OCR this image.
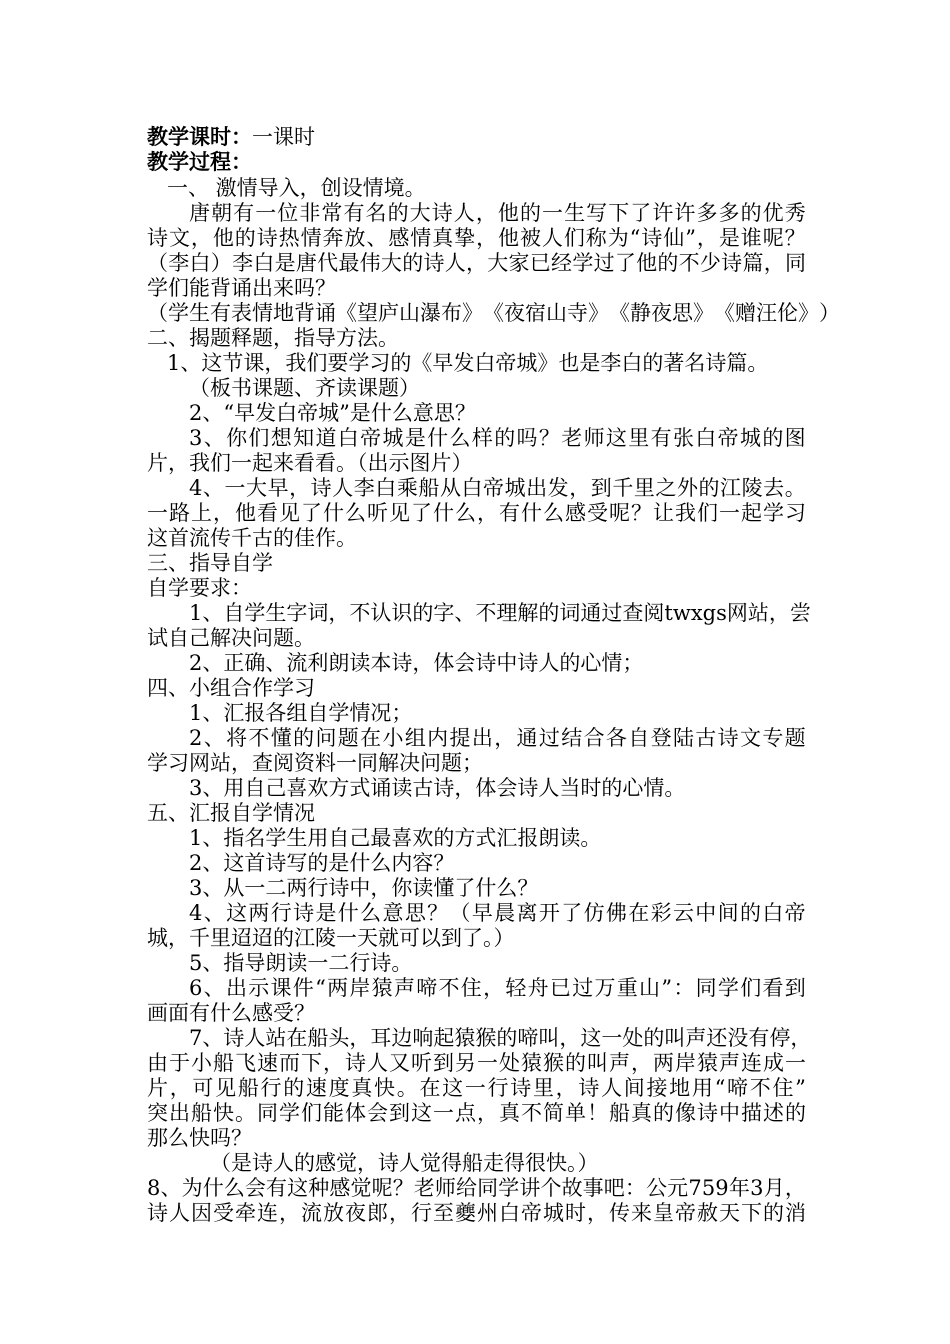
教学课时： 一课时
教学过程：
一、 激情导入，创设情境。
唐 朝 有 一 位 非 常 有 名 的 大 诗 人 ， 他 的 一 生 写 下 了 许 许 多 多 的 优 秀
诗 文 ， 他 的 诗 热 情 奔 放 、 感 情 真 挚 ， 他 被 人 们 称 为 “ 诗 仙 ” ， 是 谁 呢 ？
（ 李 白 ） 李 白 是 唐 代 最 伟 大 的 诗 人 ， 大 家 已 经 学 过 了 他 的 不 少 诗 篇 ， 同
学们能背诵出来吗？
（ 学 生 有 表 情 地 背 诵 《 望 庐 山 瀑 布 》 《 夜 宿 山 寺 》 《 静 夜 思 》 《 赠 汪 伦 》 ）
二、揭题释题，指导方法。
1、这节课，我们要学习的《早发白帝城》也是李白的著名诗篇。
（板书课题、齐读课题）
2、“早发白帝城”是什么意思？
3 、 你 们 想 知 道 白 帝 城 是 什 么 样 的 吗 ？ 老 师 这 里 有 张 白 帝 城 的 图
片，我们一起来看看。（出示图片）
4 、 一 大 早 ， 诗 人 李 白 乘 船 从 白 帝 城 出 发 ， 到 千 里 之 外 的 江 陵 去 。
一 路 上 ， 他 看 见 了 什 么 听 见 了 什 么 ， 有 什 么 感 受 呢 ？ 让 我 们 一 起 学 习
这首流传千古的佳作。
三、指导自学
自学要求：
1 、 自 学 生 字 词 ， 不 认 识 的 字 、 不 理 解 的 词 通 过 查 阅 t w x g s 网 站 ， 尝
试自己解决问题。
2、正确、流利朗读本诗，体会诗中诗人的心情；
四、小组合作学习
1、汇报各组自学情况；
2 、 将 不 懂 的 问 题 在 小 组 内 提 出 ， 通 过 结 合 各 自 登 陆 古 诗 文 专 题
学习网站，查阅资料一同解决问题；
3、用自己喜欢方式诵读古诗，体会诗人当时的心情。
五、汇报自学情况
1、指名学生用自己最喜欢的方式汇报朗读。
2、这首诗写的是什么内容？
3、从一二两行诗中，你读懂了什么？
4 、 这 两 行 诗 是 什 么 意 思 ？ （ 早 晨 离 开 了 仿 佛 在 彩 云 中 间 的 白 帝
城，千里迢迢的江陵一天就可以到了。）
5、指导朗读一二行诗。
6 、 出 示 课 件 “ 两 岸 猿 声 啼 不 住 ， 轻 舟 已 过 万 重 山 ” ： 同 学 们 看 到
画面有什么感受？
7 、 诗 人 站 在 船 头 ， 耳 边 响 起 猿 猴 的 啼 叫 ， 这 一 处 的 叫 声 还 没 有 停 ，
由 于 小 船 飞 速 而 下 ， 诗 人 又 听 到 另 一 处 猿 猴 的 叫 声 ， 两 岸 猿 声 连 成 一
片 ， 可 见 船 行 的 速 度 真 快 。 在 这 一 行 诗 里 ， 诗 人 间 接 地 用 “ 啼 不 住 ”
突 出 船 快 。 同 学 们 能 体 会 到 这 一 点 ， 真 不 简 单 ！ 船 真 的 像 诗 中 描 述 的
那么快吗？
（是诗人的感觉，诗人觉得船走得很快。）
8 、 为 什 么 会 有 这 种 感 觉 呢 ？ 老 师 给 同 学 讲 个 故 事 吧 ： 公 元 7 5 9 年 3 月 ，
诗 人 因 受 牵 连 ， 流 放 夜 郎 ， 行 至 夔 州 白 帝 城 时 ， 传 来 皇 帝 赦 天 下 的 消
